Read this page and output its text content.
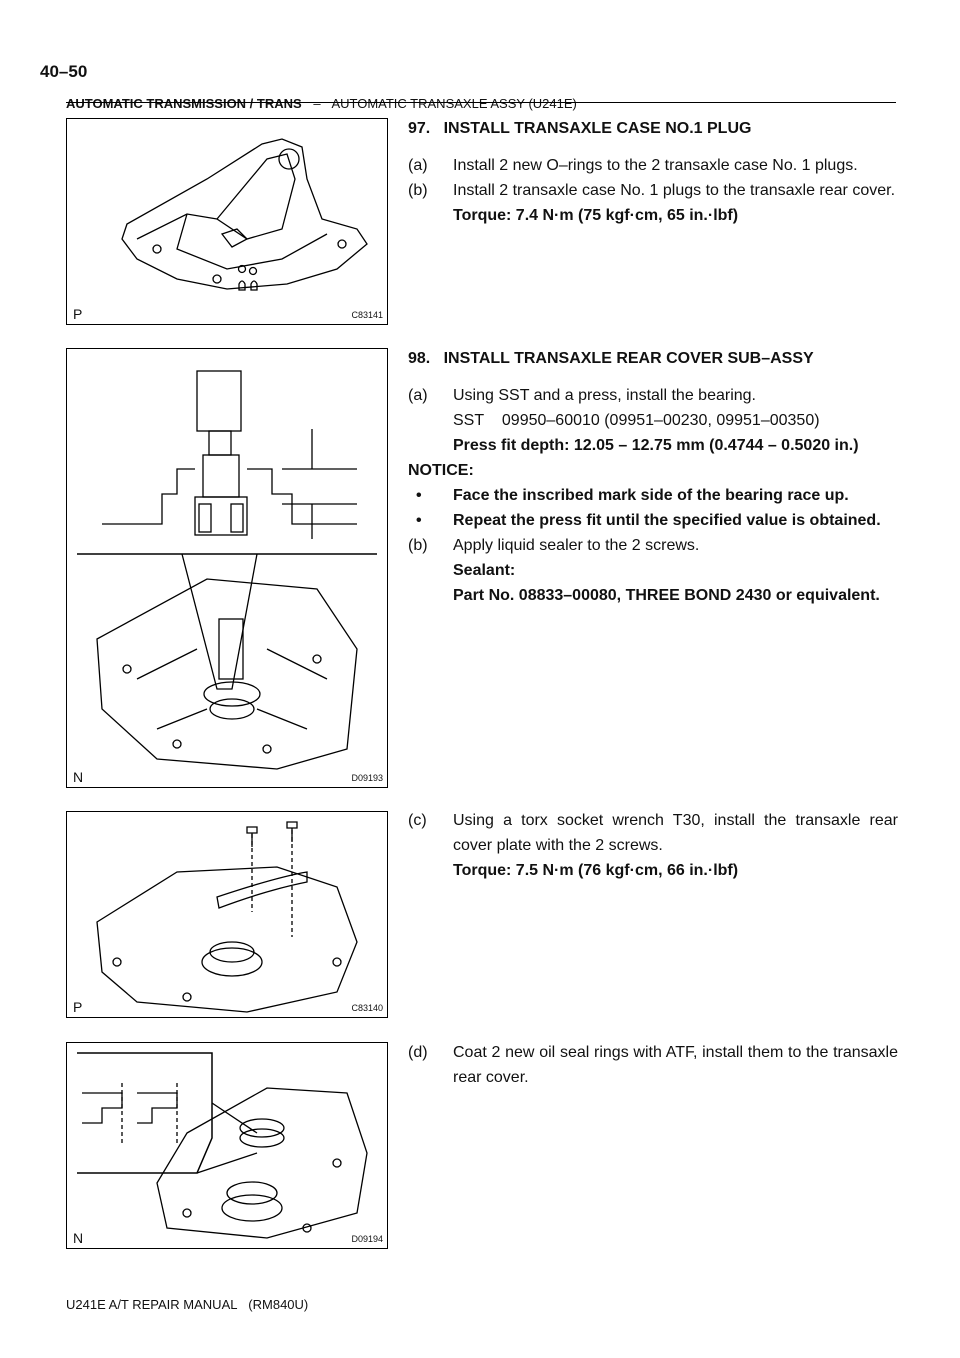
40–50
AUTOMATIC TRANSMISSION / TRANS – AUTOMATIC TRANSAXLE ASSY (U241E)
P	C83141
N	D09193
P	C83140
N	D09194
97.   INSTALL TRANSAXLE CASE NO.1 PLUG
(a) Install 2 new O–rings to the 2 transaxle case No. 1 plugs.
(b) Install 2 transaxle case No. 1 plugs to the transaxle rear cover.
Torque: 7.4 N·m (75 kgf·cm, 65 in.·lbf)
98.   INSTALL TRANSAXLE REAR COVER SUB–ASSY
(a) Using SST and a press, install the bearing.
SST    09950–60010 (09951–00230, 09951–00350)
Press fit depth: 12.05 – 12.75 mm (0.4744 – 0.5020 in.)
NOTICE:
• Face the inscribed mark side of the bearing race up.
• Repeat the press fit until the specified value is obtained.
(b) Apply liquid sealer to the 2 screws.
Sealant:
Part No. 08833–00080, THREE BOND 2430 or equivalent.
(c) Using a torx socket wrench T30, install the transaxle rear cover plate with the 2 screws.
Torque: 7.5 N·m (76 kgf·cm, 66 in.·lbf)
(d) Coat 2 new oil seal rings with ATF, install them to the transaxle rear cover.
U241E A/T REPAIR MANUAL   (RM840U)
